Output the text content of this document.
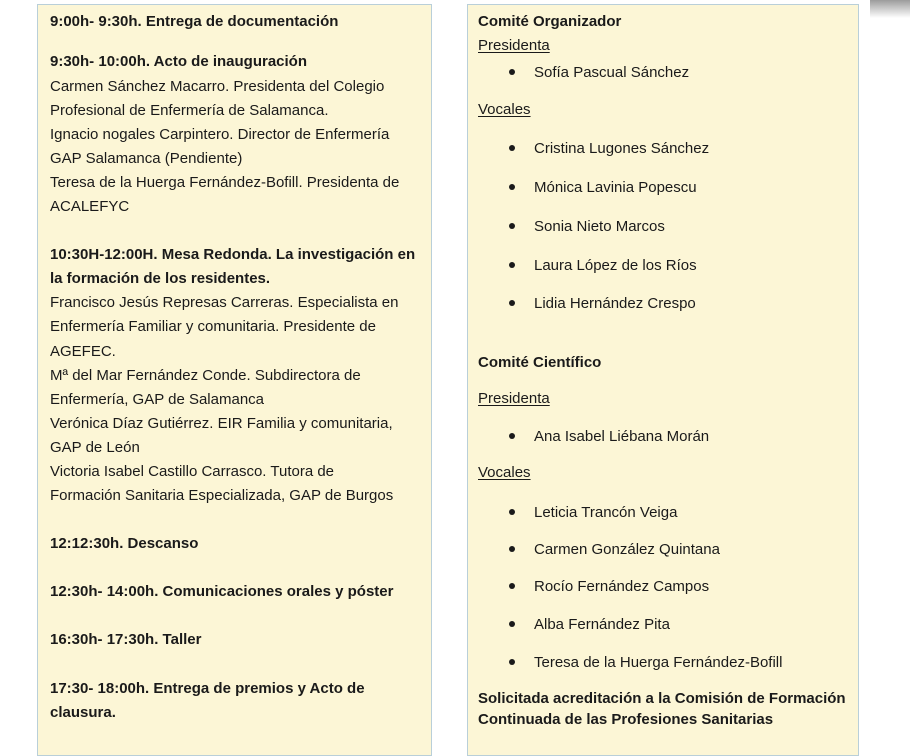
9:00h- 9:30h. Entrega de documentación
9:30h- 10:00h. Acto de inauguración
Carmen Sánchez Macarro. Presidenta del Colegio
Profesional de Enfermería de Salamanca.
Ignacio nogales Carpintero. Director de Enfermería
GAP Salamanca (Pendiente)
Teresa de la Huerga Fernández-Bofill. Presidenta de
ACALEFYC
10:30H-12:00H. Mesa Redonda. La investigación en
la formación de los residentes.
Francisco Jesús Represas Carreras. Especialista en
Enfermería Familiar y comunitaria. Presidente de
AGEFEC.
Mª del Mar Fernández Conde. Subdirectora de
Enfermería, GAP de Salamanca
Verónica Díaz Gutiérrez. EIR Familia y comunitaria,
GAP de León
Victoria Isabel Castillo Carrasco. Tutora de
Formación Sanitaria Especializada, GAP de Burgos
12:12:30h. Descanso
12:30h- 14:00h. Comunicaciones orales y póster
16:30h- 17:30h. Taller
17:30- 18:00h. Entrega de premios y Acto de
clausura.
Comité Organizador
Presidenta
Sofía Pascual Sánchez
Vocales
Cristina Lugones Sánchez
Mónica Lavinia Popescu
Sonia Nieto Marcos
Laura López de los Ríos
Lidia Hernández Crespo
Comité Científico
Presidenta
Ana Isabel Liébana Morán
Vocales
Leticia Trancón Veiga
Carmen González Quintana
Rocío Fernández Campos
Alba Fernández Pita
Teresa de la Huerga Fernández-Bofill
Solicitada acreditación a la Comisión de Formación
Continuada de las Profesiones Sanitarias
